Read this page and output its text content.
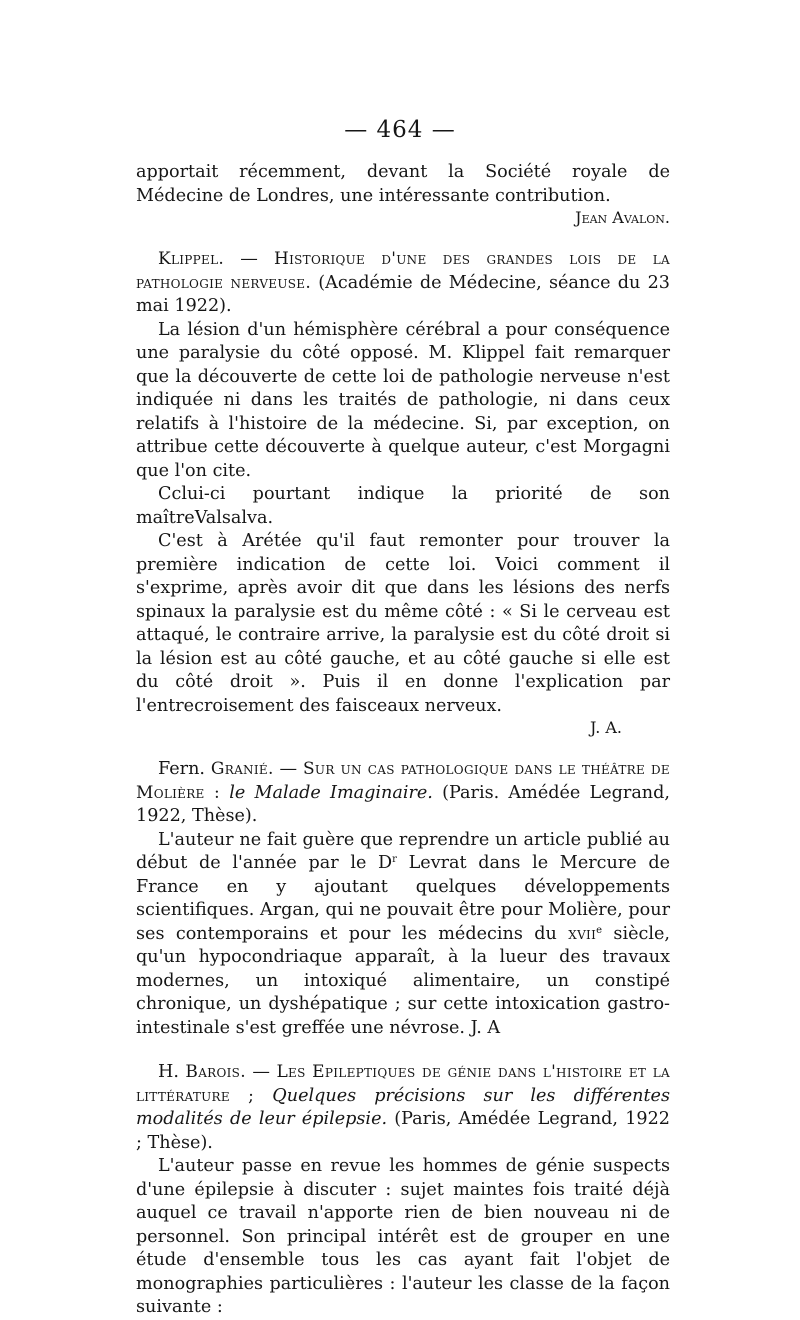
— 464 —

apportait récemment, devant la Société royale de Médecine de Londres, une intéressante contribution.

Jean Avalon.

Klippel. — Historique d'une des grandes lois de la pathologie nerveuse. (Académie de Médecine, séance du 23 mai 1922).

La lésion d'un hémisphère cérébral a pour conséquence une paralysie du côté opposé. M. Klippel fait remarquer que la découverte de cette loi de pathologie nerveuse n'est indiquée ni dans les traités de pathologie, ni dans ceux relatifs à l'histoire de la médecine. Si, par exception, on attribue cette découverte à quelque auteur, c'est Morgagni que l'on cite.

Cclui-ci pourtant indique la priorité de son maîtreValsalva.

C'est à Arétée qu'il faut remonter pour trouver la première indication de cette loi. Voici comment il s'exprime, après avoir dit que dans les lésions des nerfs spinaux la paralysie est du même côté : « Si le cerveau est attaqué, le contraire arrive, la paralysie est du côté droit si la lésion est au côté gauche, et au côté gauche si elle est du côté droit ». Puis il en donne l'explication par l'entrecroisement des faisceaux nerveux.

J. A.

Fern. Granié. — Sur un cas pathologique dans le théâtre de Molière : le Malade Imaginaire. (Paris. Amédée Legrand, 1922, Thèse).

L'auteur ne fait guère que reprendre un article publié au début de l'année par le $D^r$ Levrat dans le Mercure de France en y ajoutant quelques développements scientifiques. Argan, qui ne pouvait être pour Molière, pour ses contemporains et pour les médecins du xvii$^e$ siècle, qu'un hypocondriaque apparaît, à la lueur des travaux modernes, un intoxiqué alimentaire, un constipé chronique, un dyshépatique ; sur cette intoxication gastro-intestinale s'est greffée une névrose. J. A

H. Barois. — Les Epileptiques de génie dans l'histoire et la littérature ; Quelques précisions sur les différentes modalités de leur épilepsie. (Paris, Amédée Legrand, 1922 ; Thèse).

L'auteur passe en revue les hommes de génie suspects d'une épilepsie à discuter : sujet maintes fois traité déjà auquel ce travail n'apporte rien de bien nouveau ni de personnel. Son principal intérêt est de grouper en une étude d'ensemble tous les cas ayant fait l'objet de monographies particulières : l'auteur les classe de la façon suivante :
